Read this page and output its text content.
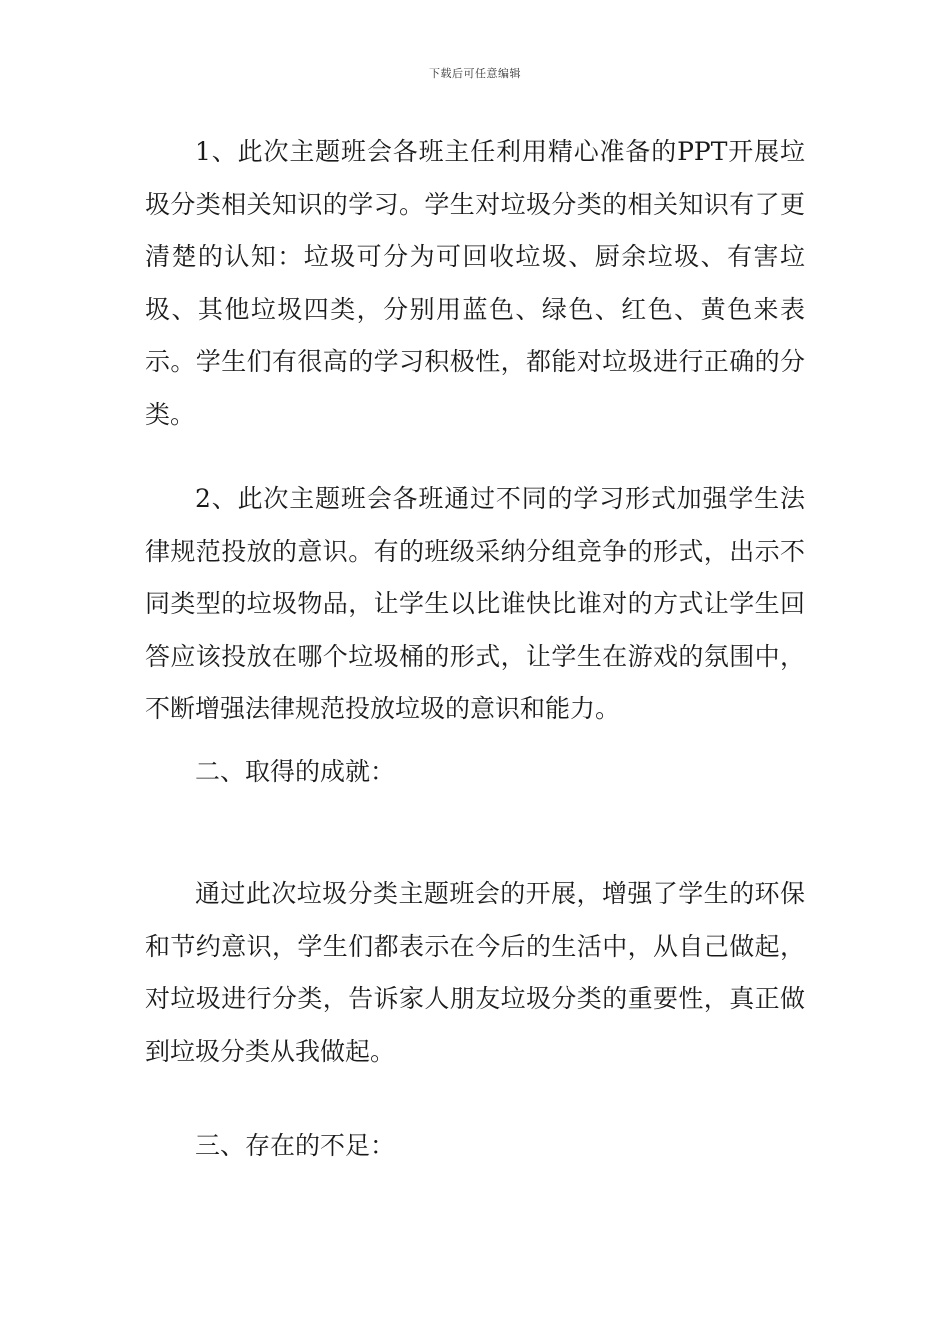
下载后可任意编辑

1、此次主题班会各班主任利用精心准备的PPT开展垃圾分类相关知识的学习。学生对垃圾分类的相关知识有了更清楚的认知：垃圾可分为可回收垃圾、厨余垃圾、有害垃圾、其他垃圾四类，分别用蓝色、绿色、红色、黄色来表示。学生们有很高的学习积极性，都能对垃圾进行正确的分类。

2、此次主题班会各班通过不同的学习形式加强学生法律规范投放的意识。有的班级采纳分组竞争的形式，出示不同类型的垃圾物品，让学生以比谁快比谁对的方式让学生回答应该投放在哪个垃圾桶的形式，让学生在游戏的氛围中，不断增强法律规范投放垃圾的意识和能力。

二、取得的成就：

通过此次垃圾分类主题班会的开展，增强了学生的环保和节约意识，学生们都表示在今后的生活中，从自己做起，对垃圾进行分类，告诉家人朋友垃圾分类的重要性，真正做到垃圾分类从我做起。

三、存在的不足：
